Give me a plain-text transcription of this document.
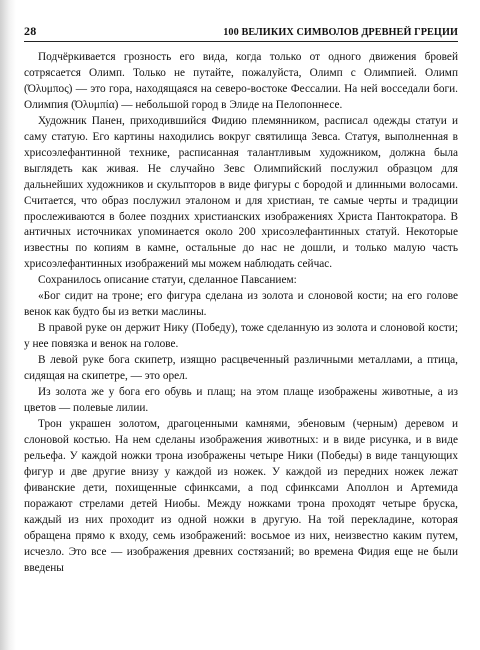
28	100 ВЕЛИКИХ СИМВОЛОВ ДРЕВНЕЙ ГРЕЦИИ

Подчёркивается грозность его вида, когда только от одного движения бровей сотрясается Олимп. Только не путайте, пожалуйста, Олимп с Олимпией. Олимп (Όλυμπος) — это гора, находящаяся на северо-востоке Фессалии. На ней восседали боги. Олимпия (Όλυμπία) — небольшой город в Элиде на Пелопоннесе.

Художник Панен, приходившийся Фидию племянником, расписал одежды статуи и саму статую. Его картины находились вокруг святилища Зевса. Статуя, выполненная в хрисоэлефантинной технике, расписанная талантливым художником, должна была выглядеть как живая. Не случайно Зевс Олимпийский послужил образцом для дальнейших художников и скульпторов в виде фигуры с бородой и длинными волосами. Считается, что образ послужил эталоном и для христиан, те самые черты и традиции прослеживаются в более поздних христианских изображениях Христа Пантократора. В античных источниках упоминается около 200 хрисоэлефантинных статуй. Некоторые известны по копиям в камне, остальные до нас не дошли, и только малую часть хрисоэлефантинных изображений мы можем наблюдать сейчас.

Сохранилось описание статуи, сделанное Павсанием:

«Бог сидит на троне; его фигура сделана из золота и слоновой кости; на его голове венок как будто бы из ветки маслины.

В правой руке он держит Нику (Победу), тоже сделанную из золота и слоновой кости; у нее повязка и венок на голове.

В левой руке бога скипетр, изящно расцвеченный различными металлами, а птица, сидящая на скипетре, — это орел.

Из золота же у бога его обувь и плащ; на этом плаще изображены животные, а из цветов — полевые лилии.

Трон украшен золотом, драгоценными камнями, эбеновым (черным) деревом и слоновой костью. На нем сделаны изображения животных: и в виде рисунка, и в виде рельефа. У каждой ножки трона изображены четыре Ники (Победы) в виде танцующих фигур и две другие внизу у каждой из ножек. У каждой из передних ножек лежат фиванские дети, похищенные сфинксами, а под сфинксами Аполлон и Артемида поражают стрелами детей Ниобы. Между ножками трона проходят четыре бруска, каждый из них проходит из одной ножки в другую. На той перекладине, которая обращена прямо к входу, семь изображений: восьмое из них, неизвестно каким путем, исчезло. Это все — изображения древних состязаний; во времена Фидия еще не были введены
